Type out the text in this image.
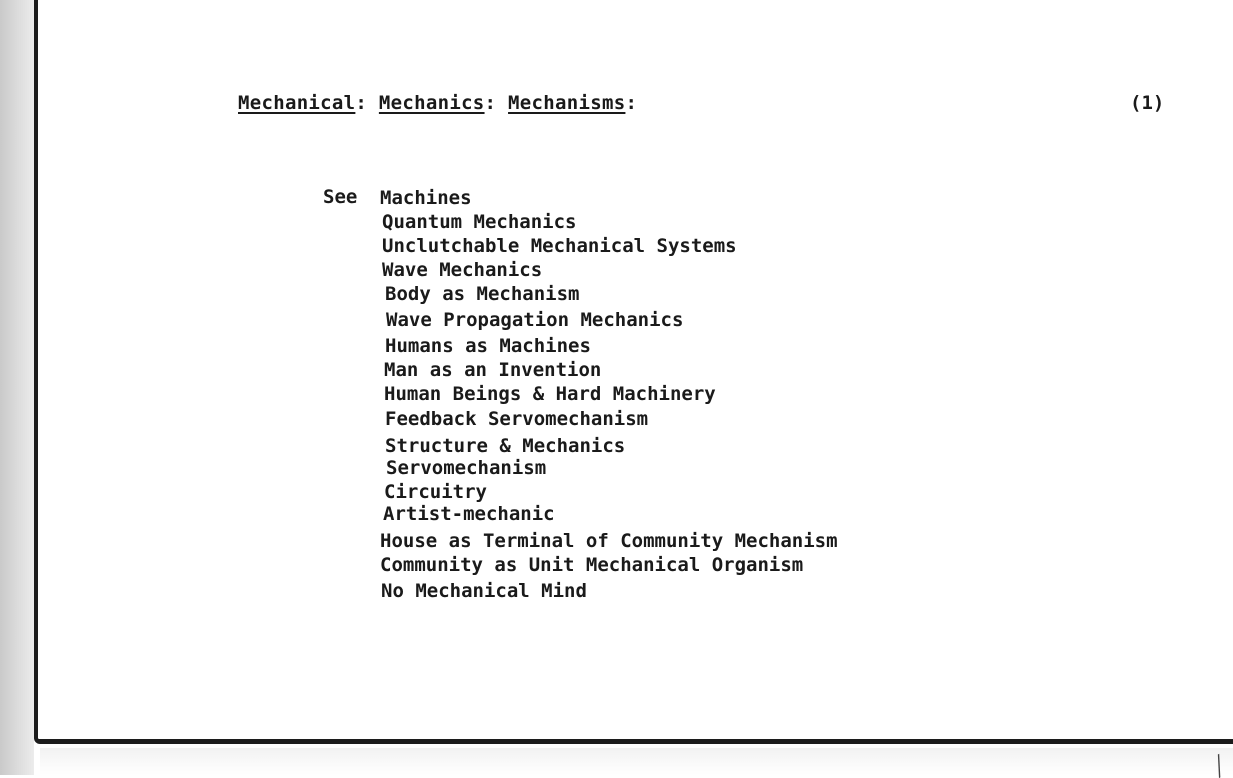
Mechanical: Mechanics: Mechanisms:	(1)
See Machines
Quantum Mechanics
Unclutchable Mechanical Systems
Wave Mechanics
Body as Mechanism
Wave Propagation Mechanics
Humans as Machines
Man as an Invention
Human Beings & Hard Machinery
Feedback Servomechanism
Structure & Mechanics
Servomechanism
Circuitry
Artist-mechanic
House as Terminal of Community Mechanism
Community as Unit Mechanical Organism
No Mechanical Mind
╱
